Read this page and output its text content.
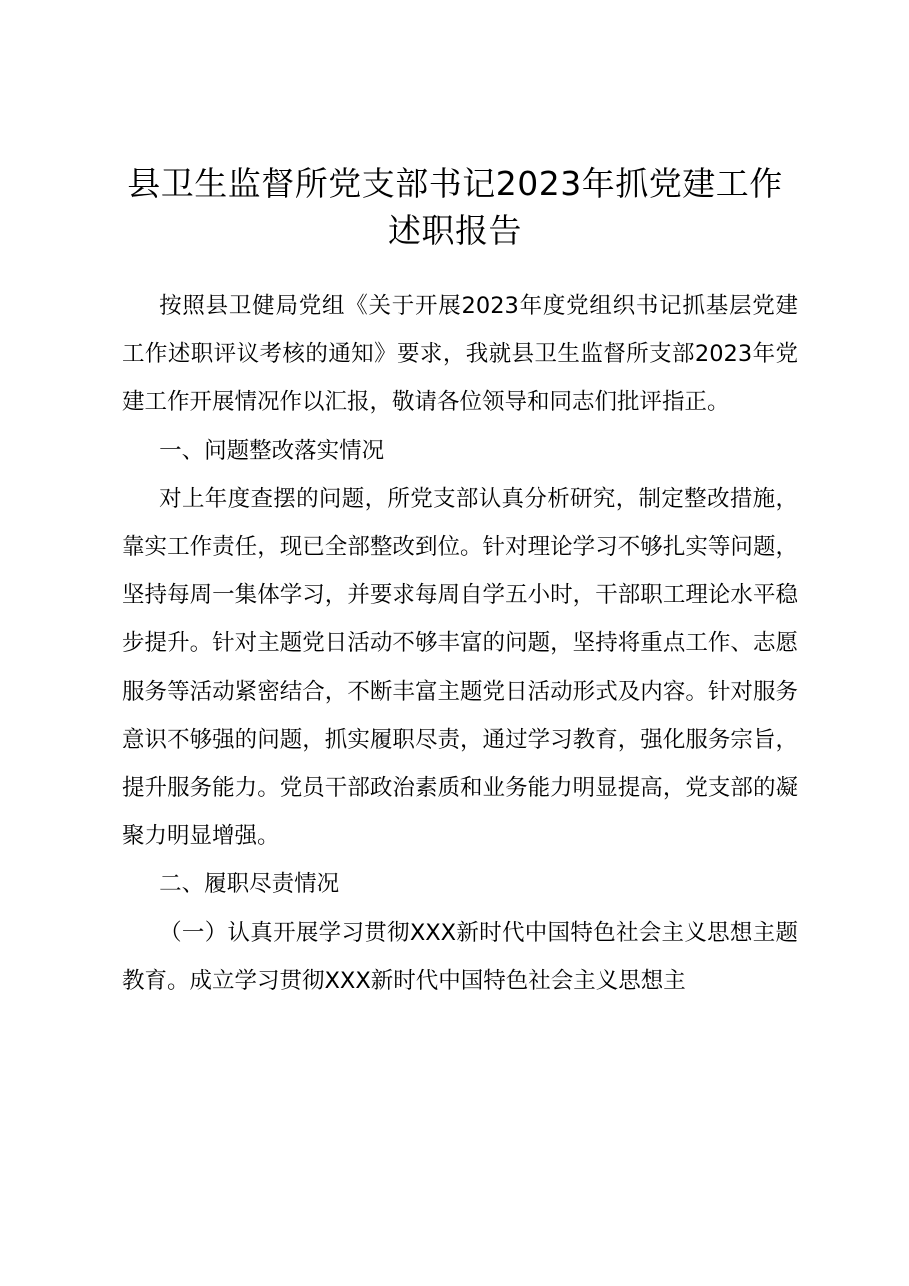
县卫生监督所党支部书记2023年抓党建工作
述职报告

按照县卫健局党组《关于开展2023年度党组织书记抓基层党建工作述职评议考核的通知》要求，我就县卫生监督所支部2023年党建工作开展情况作以汇报，敬请各位领导和同志们批评指正。

一、问题整改落实情况

对上年度查摆的问题，所党支部认真分析研究，制定整改措施，靠实工作责任，现已全部整改到位。针对理论学习不够扎实等问题，坚持每周一集体学习，并要求每周自学五小时，干部职工理论水平稳步提升。针对主题党日活动不够丰富的问题，坚持将重点工作、志愿服务等活动紧密结合，不断丰富主题党日活动形式及内容。针对服务意识不够强的问题，抓实履职尽责，通过学习教育，强化服务宗旨，提升服务能力。党员干部政治素质和业务能力明显提高，党支部的凝聚力明显增强。

二、履职尽责情况

（一）认真开展学习贯彻XXX新时代中国特色社会主义思想主题教育。成立学习贯彻XXX新时代中国特色社会主义思想主
